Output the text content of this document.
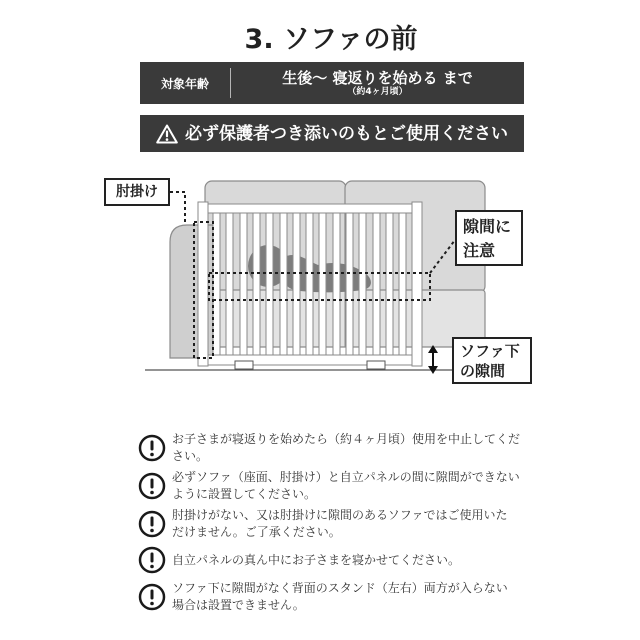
3. ソファの前
対象年齢	生後～ 寝返りを始める まで
（約4ヶ月頃）
必ず保護者つき添いのもとご使用ください
肘掛け
隙間に
注意
ソファ下
の隙間
お子さまが寝返りを始めたら（約４ヶ月頃）使用を中止してくだ
さい。
必ずソファ（座面、肘掛け）と自立パネルの間に隙間ができない
ように設置してください。
肘掛けがない、又は肘掛けに隙間のあるソファではご使用いた
だけません。ご了承ください。
自立パネルの真ん中にお子さまを寝かせてください。
ソファ下に隙間がなく背面のスタンド（左右）両方が入らない
場合は設置できません。
